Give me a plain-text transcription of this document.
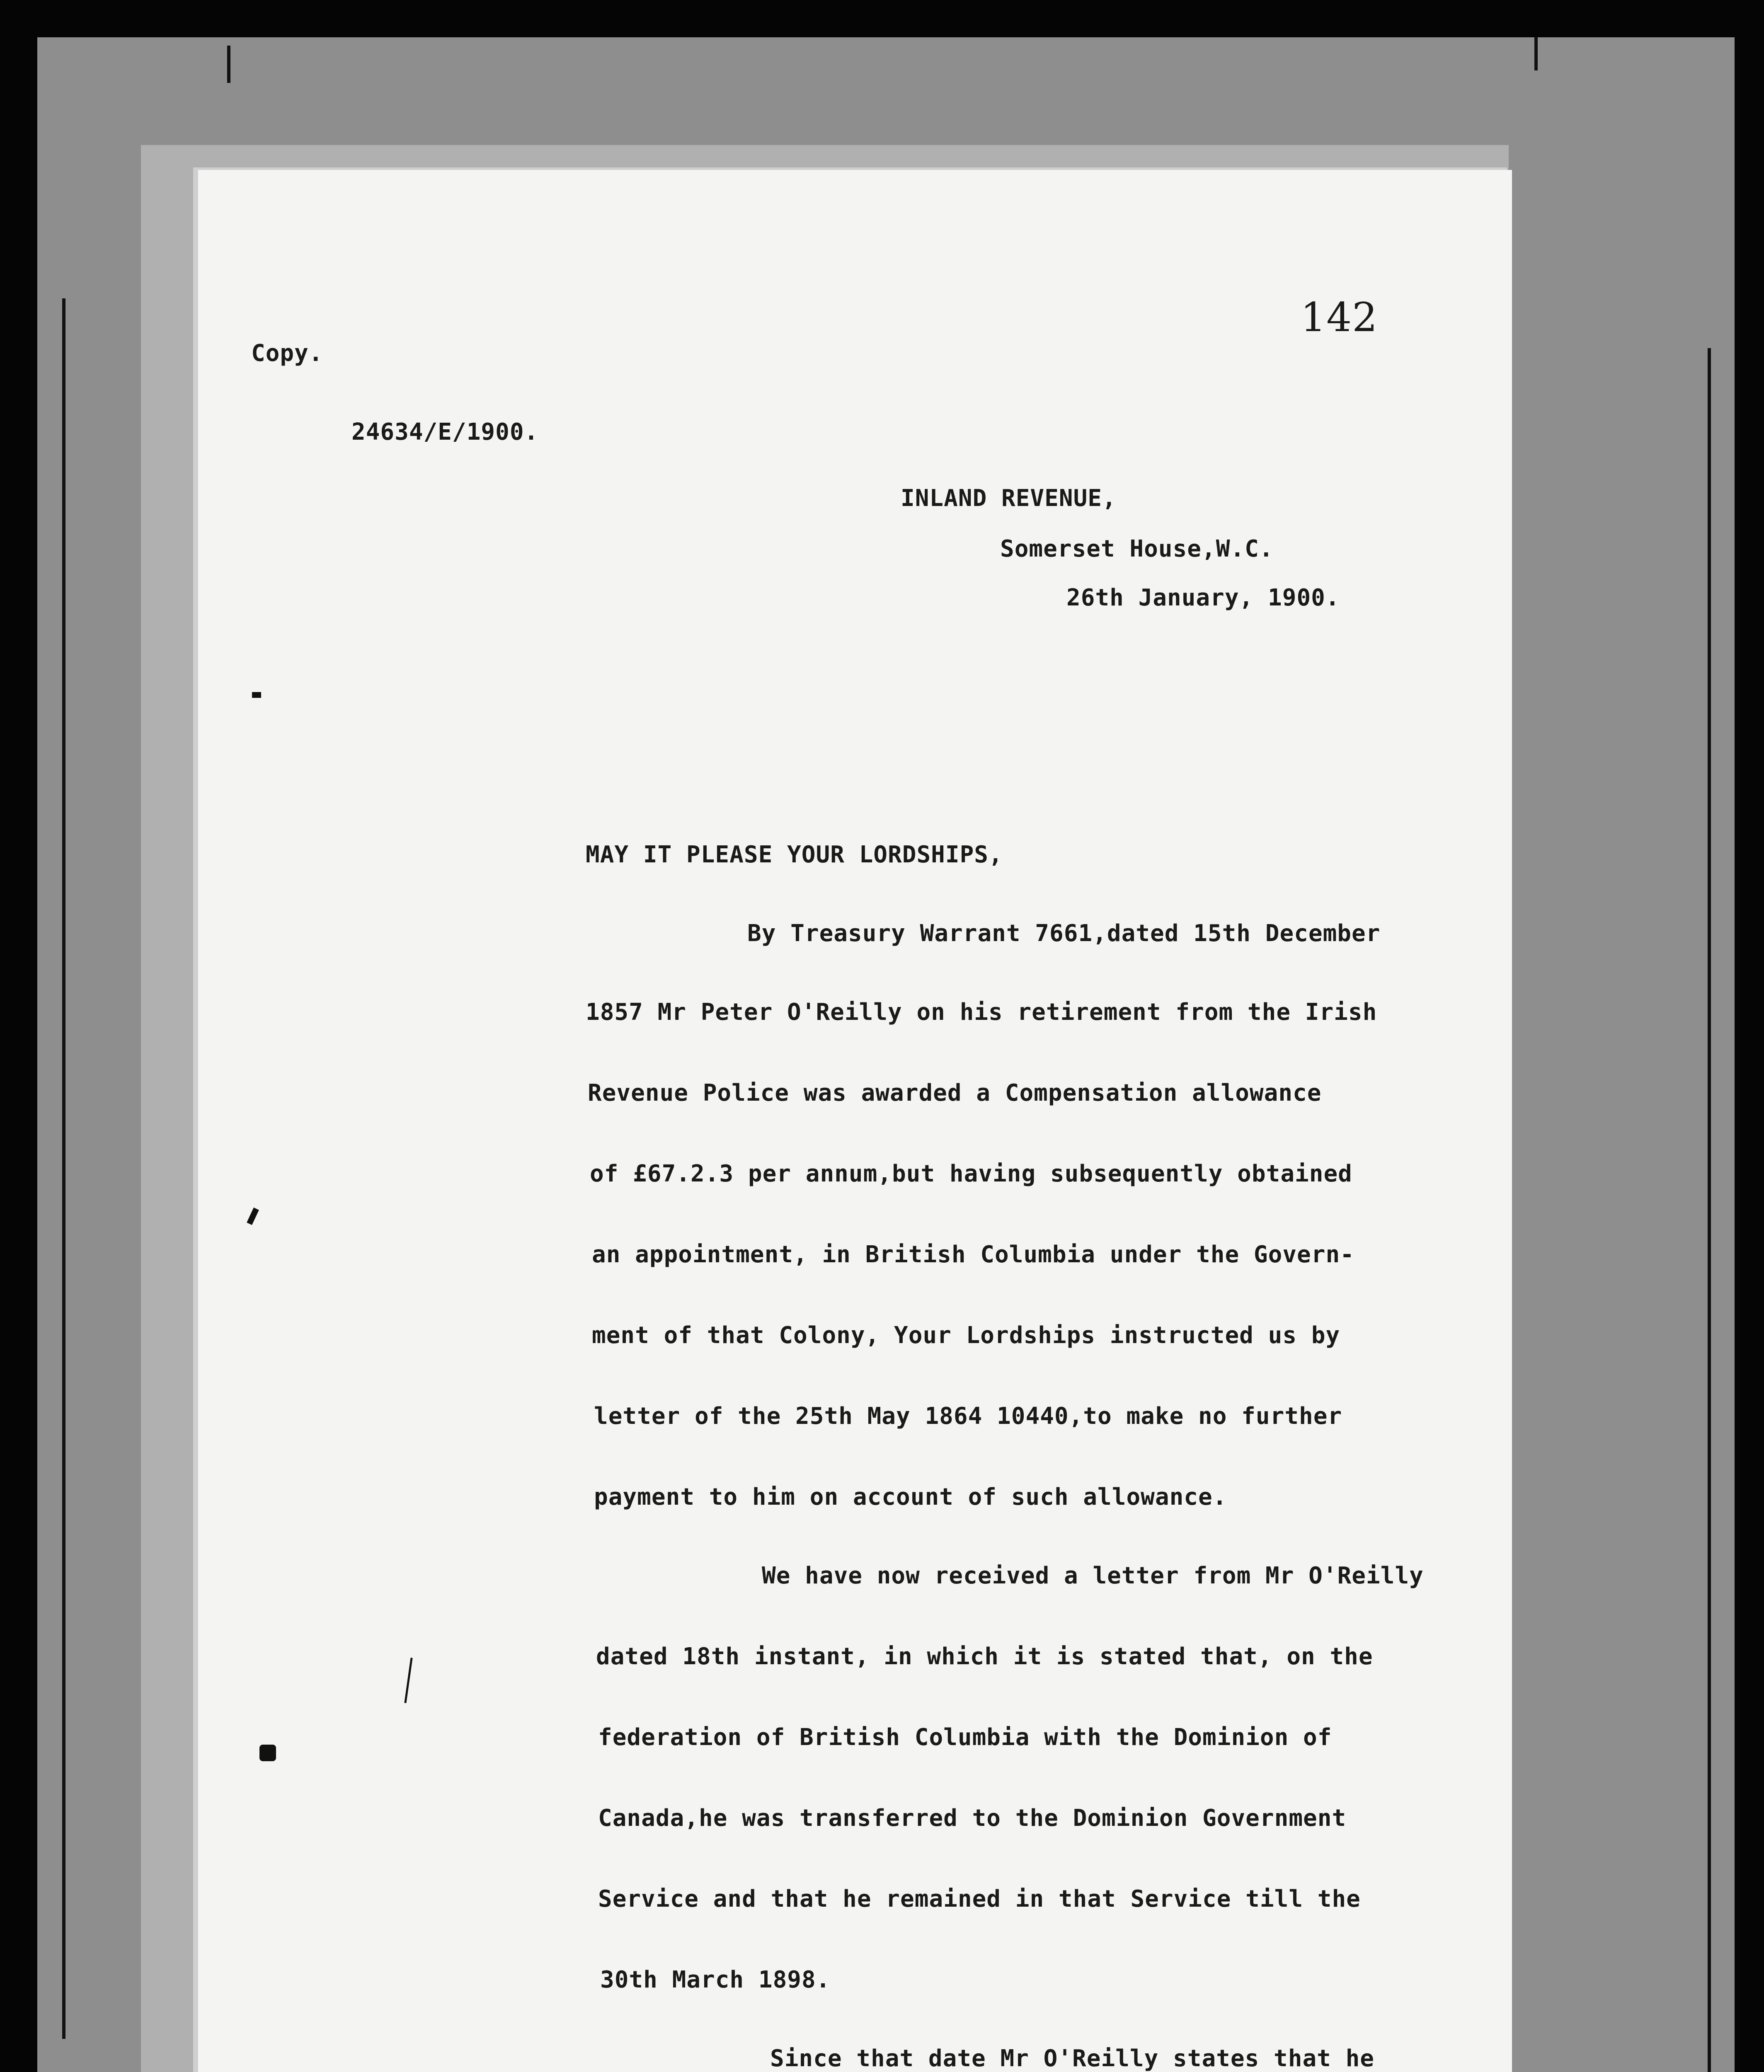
142
Copy.
24634/E/1900.
INLAND REVENUE,
Somerset House,W.C.
26th January, 1900.
MAY IT PLEASE YOUR LORDSHIPS,
By Treasury Warrant 7661,dated 15th December
1857 Mr Peter O'Reilly on his retirement from the Irish
Revenue Police was awarded a Compensation allowance
of £67.2.3 per annum,but having subsequently obtained
an appointment, in British Columbia under the Govern-
ment of that Colony, Your Lordships instructed us by
letter of the 25th May 1864 10440,to make no further
payment to him on account of such allowance.
We have now received a letter from Mr O'Reilly
dated 18th instant, in which it is stated that, on the
federation of British Columbia with the Dominion of
Canada,he was transferred to the Dominion Government
Service and that he remained in that Service till the
30th March 1898.
Since that date Mr O'Reilly states that he
